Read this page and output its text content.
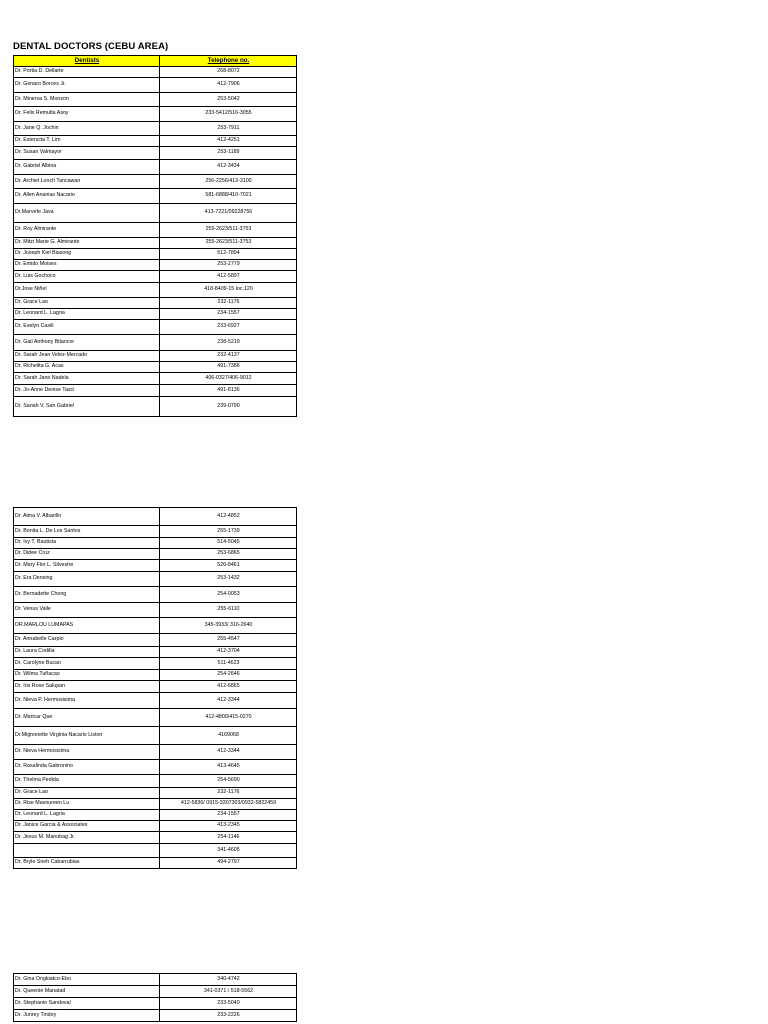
DENTAL DOCTORS (CEBU AREA)
Dentists	Telephone no.
Dr. Portia D. Dellarte	268-8072
Dr. Genaro Borces Jr.	412-7906
Dr. Minerva S. Monzon	253-5042
Dr. Felix Remulta Asoy	233-5412/516-3055
Dr. Jane Q. Jochin	253-7911
Dr. Estencita T. Lim	412-4251
Dr. Susan Valmayor	253-1189
Dr. Gabriel Albina	412-3434
Dr. Archiel Lunch Tancawan	256-2256/413-3100
Dr. Allen Ananias Nacario	581-6888/410-7021
Dr.Marvefe Java	413-7221/09228756
Dr. Roy Almirante	255-2623/511-3753
Dr. Mitzi Marie G. Almirante	255-2623/511-3753
Dr. Joseph Kiel Biasong	512-7894
Dr. Emido Moises	253-2779
Dr. Luis Gochoco	412-5897
Dr.Jose Niñel	418-8409-15 loc.120
Dr. Grace Lao	232-1176
Dr. Leonard L. Lagria	234-1557
Dr. Evelyn Casili	233-6927
Dr. Gail Anthony Bitancor	238-5219
Dr. Sarah Jean Velez-Mercado	232-4137
Dr. Richelita G. Acas	491-7386
Dr. Sarah Jane Nadela	406-0327/406-9012
Dr. Jo-Anne Denise Tasci	491-8136
Dr. Sariah V. San Gabriel	239-0790
Dr. Alma V. Albarillo	412-4852
Dr. Bonita L. De Los Santos	255-1739
Dr. Ivy T. Bautista	514-5045
Dr. Didee Cruz	253-6865
Dr. Mary Flor L. Silvestre	520-8461
Dr. Era Densing	253-1432
Dr. Bernadette Chong	254-0053
Dr. Venus Valle	255-6110
DR.MARLOU LUMAPAS	345-3933/ 316-2640
Dr. Annabelle Carpio	255-4547
Dr. Laura Codilla	412-3704
Dr. Carolyne Bucao	511-4623
Dr. Wilma Tuñacao	254-2646
Dr. Iris Rose Salupan	412-6865
Dr. Nieva P. Hermosisima	412-3344
Dr. Maricar Que	412-4800/415-0270
Dr.Mignonette Virginia Nacario Liston	4169068
Dr. Nieva Hermosisima	412-3344
Dr. Rosalinda Gabronino	413-4645
Dr. Thelma Pedida	254-5690
Dr. Grace Lao	232-1176
Dr. Rise Mavoureen Lu	412-5836/ 0915-3307303/0932-5822459
Dr. Leonard L. Lagria	234-1557
Dr. Janice Garcia & Associates	413-2345
Dr. Jesus M. Manubag Jr.	254-1146
	341-4605
Dr. Bryle Sneh Cabarrubias	494-2797
Dr. Gina Ongkiatco-Ebo	340-4742
Dr. Queenie Manatad	341-0371 / 518-5562
Dr. Stephanie Sandoval	233-5040
Dr. Junrey Tindoy	233-2226
